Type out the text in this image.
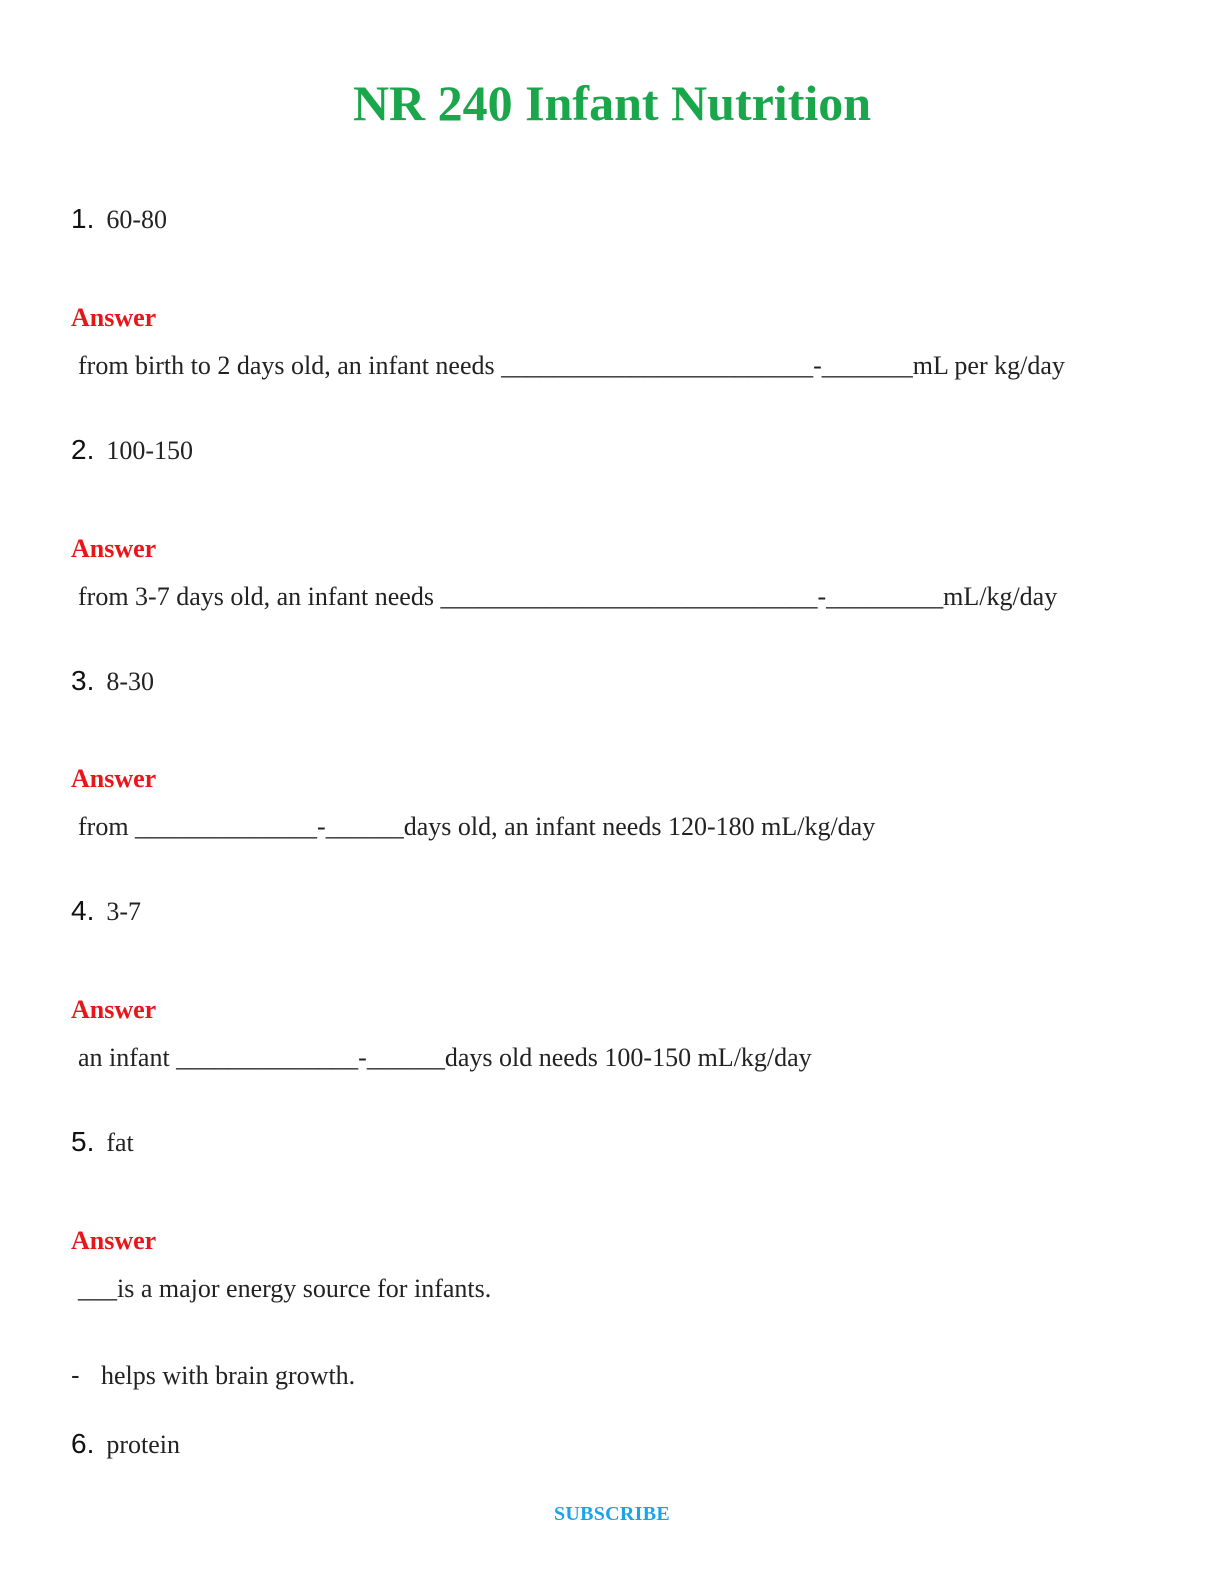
NR 240 Infant Nutrition
1. 60-80
Answer
from birth to 2 days old, an infant needs ________________________-_______mL per kg/day
2. 100-150
Answer
from 3-7 days old, an infant needs _____________________________-_________mL/kg/day
3. 8-30
Answer
from ______________-______days old, an infant needs 120-180 mL/kg/day
4. 3-7
Answer
an infant ______________-______days old needs 100-150 mL/kg/day
5. fat
Answer
___is a major energy source for infants.
- helps with brain growth.
6. protein
SUBSCRIBE
